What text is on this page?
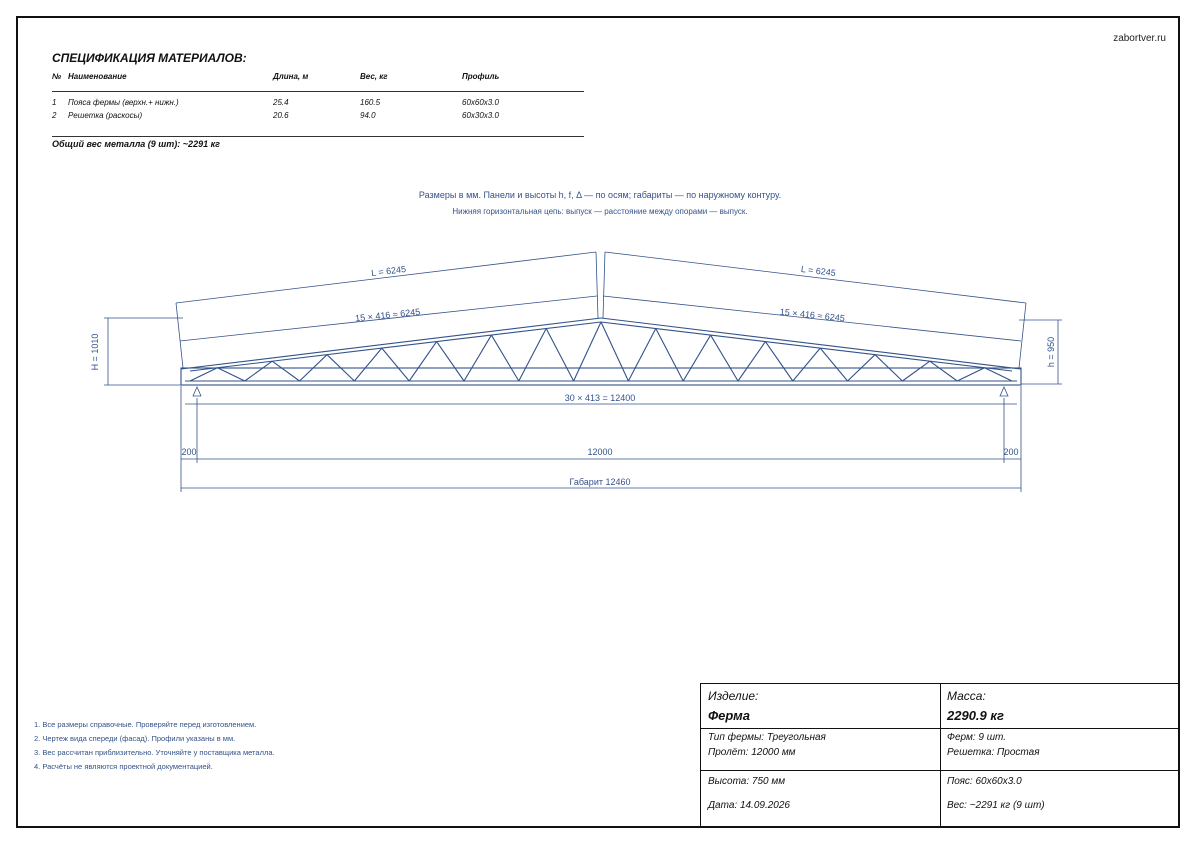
zabortver.ru
СПЕЦИФИКАЦИЯ МАТЕРИАЛОВ:
№ Наименование	Длина, м	Вес, кг	Профиль
1 Пояса фермы (верхн.+ нижн.)	25.4	160.5	60x60x3.0
2 Решетка (раскосы)	20.6	94.0	60x30x3.0
Общий вес металла (9 шт): ~2291 кг
Размеры в мм. Панели и высоты h, f, Δ — по осям; габариты — по наружному контуру.
Нижняя горизонтальная цепь: выпуск — расстояние между опорами — выпуск.
L = 6245	L = 6245
15 × 416 ≈ 6245	15 × 416 ≈ 6245
H = 1010	h = 950
30 × 413 = 12400
200	12000	200
Габарит 12460
1. Все размеры справочные. Проверяйте перед изготовлением.
2. Чертеж вида спереди (фасад). Профили указаны в мм.
3. Вес рассчитан приблизительно. Уточняйте у поставщика металла.
4. Расчёты не являются проектной документацией.
Изделие:
Ферма
Масса:
2290.9 кг
Тип фермы: Треугольная
Пролёт: 12000 мм
Ферм: 9 шт.
Решетка: Простая
Высота: 750 мм
Дата: 14.09.2026
Пояс: 60x60x3.0
Вес: ~2291 кг (9 шт)
